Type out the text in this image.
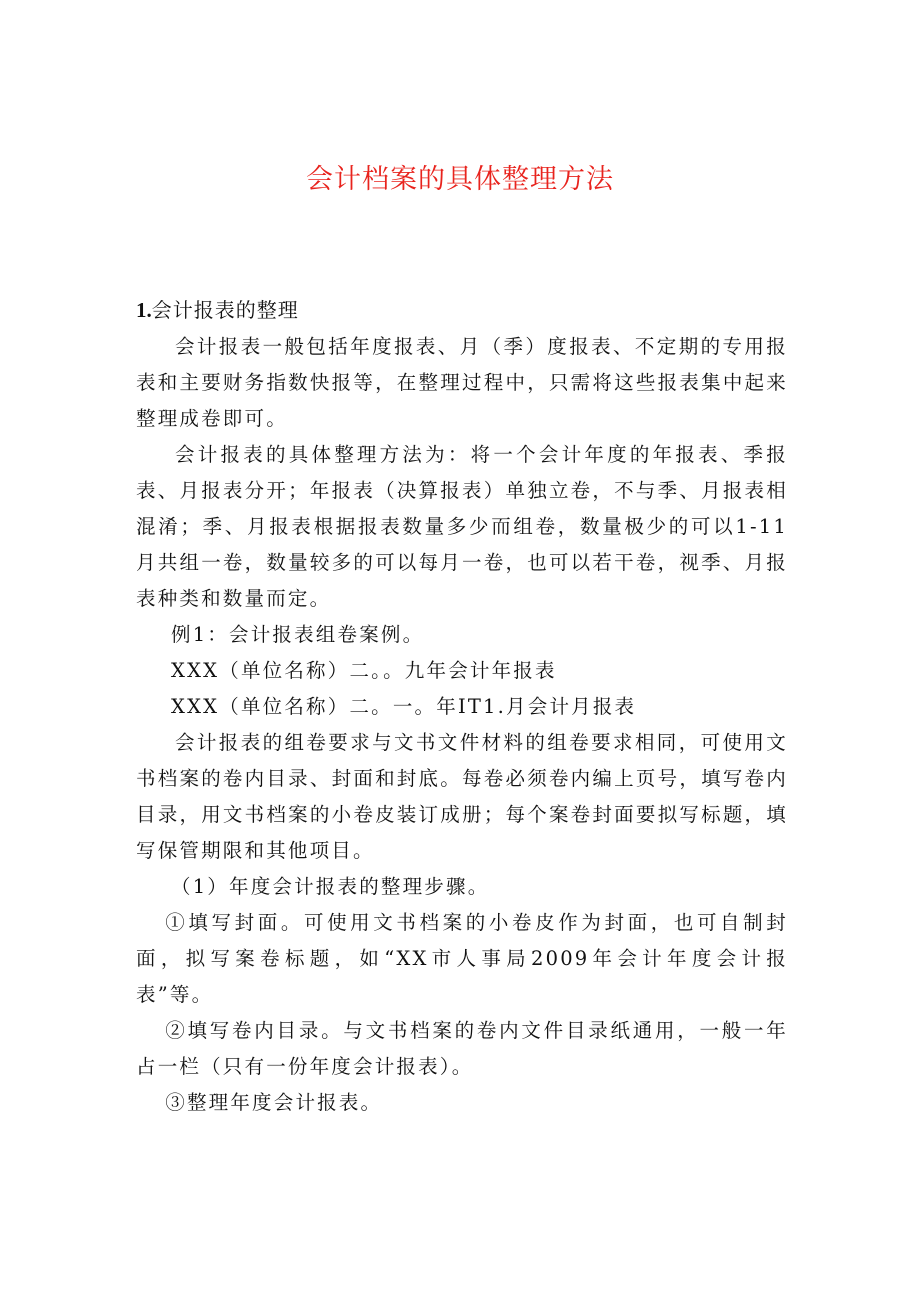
会计档案的具体整理方法

1.会计报表的整理

会计报表一般包括年度报表、月（季）度报表、不定期的专用报表和主要财务指数快报等，在整理过程中，只需将这些报表集中起来整理成卷即可。

会计报表的具体整理方法为：将一个会计年度的年报表、季报表、月报表分开；年报表（决算报表）单独立卷，不与季、月报表相混淆；季、月报表根据报表数量多少而组卷，数量极少的可以1-11月共组一卷，数量较多的可以每月一卷，也可以若干卷，视季、月报表种类和数量而定。

例1：会计报表组卷案例。

XXX（单位名称）二。。九年会计年报表

XXX（单位名称）二。一。年IT1.月会计月报表

会计报表的组卷要求与文书文件材料的组卷要求相同，可使用文书档案的卷内目录、封面和封底。每卷必须卷内编上页号，填写卷内目录，用文书档案的小卷皮装订成册；每个案卷封面要拟写标题，填写保管期限和其他项目。

（1）年度会计报表的整理步骤。

①填写封面。可使用文书档案的小卷皮作为封面，也可自制封面，拟写案卷标题，如“XX市人事局2009年会计年度会计报表”等。

②填写卷内目录。与文书档案的卷内文件目录纸通用，一般一年占一栏（只有一份年度会计报表）。

③整理年度会计报表。
